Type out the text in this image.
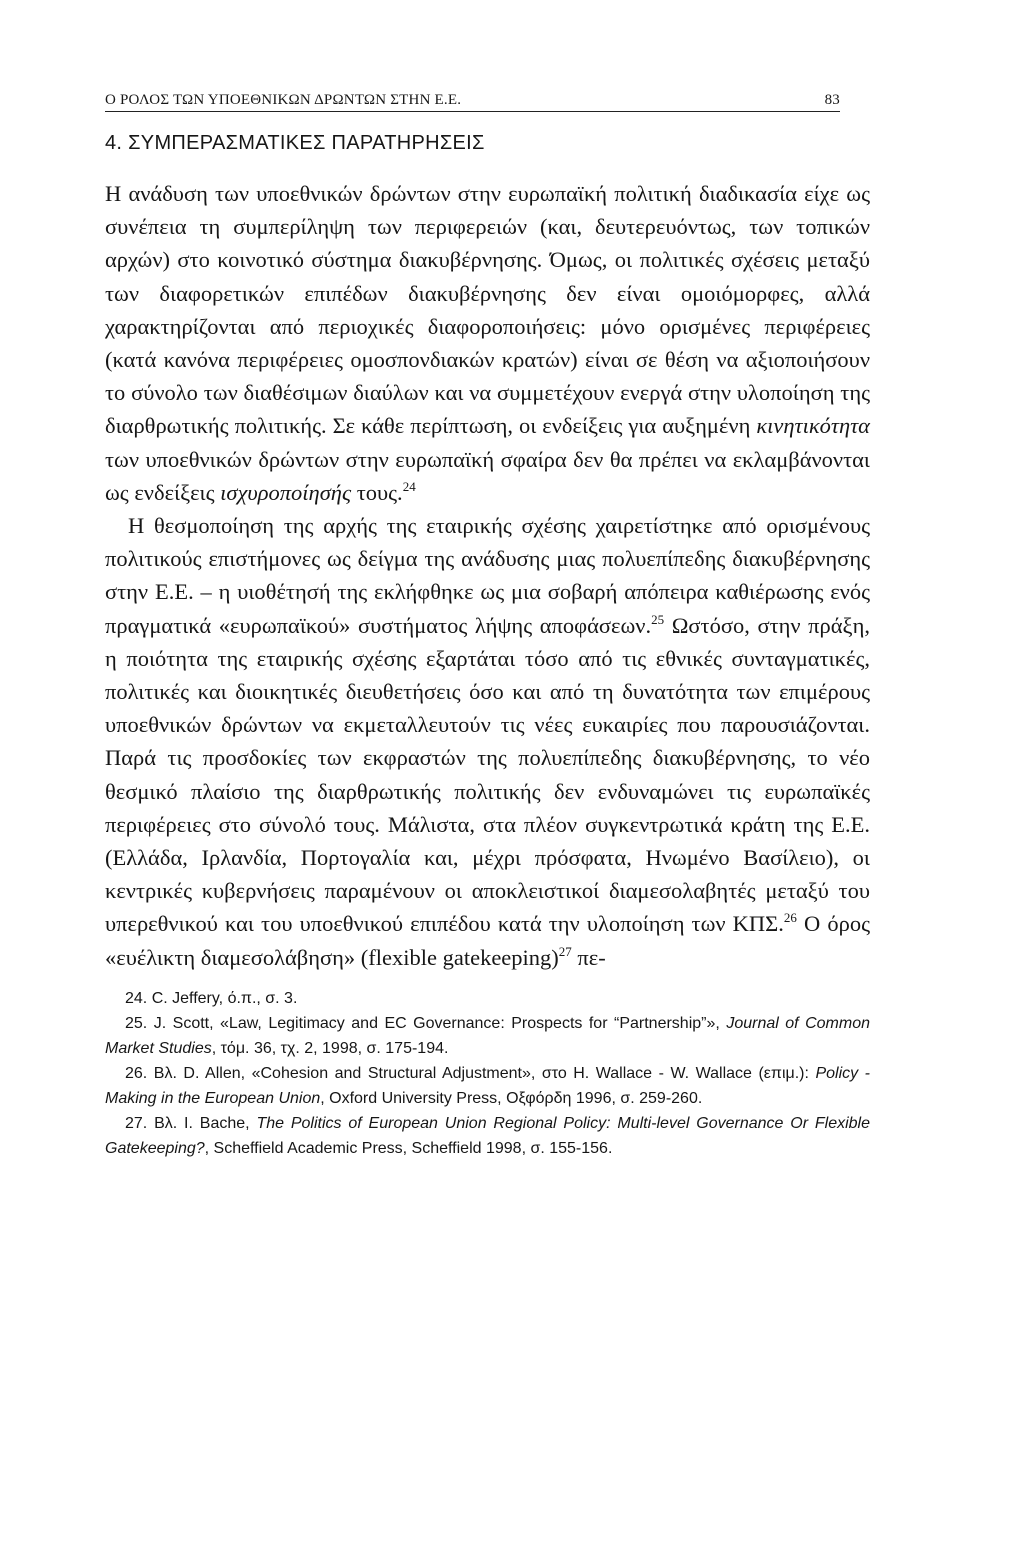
Ο ΡΟΛΟΣ ΤΩΝ ΥΠΟΕΘΝΙΚΩΝ ΔΡΩΝΤΩΝ ΣΤΗΝ Ε.Ε.	83
4. ΣΥΜΠΕΡΑΣΜΑΤΙΚΕΣ ΠΑΡΑΤΗΡΗΣΕΙΣ

Η ανάδυση των υποεθνικών δρώντων στην ευρωπαϊκή πολιτική διαδικασία είχε ως συνέπεια τη συμπερίληψη των περιφερειών (και, δευτερευόντως, των τοπικών αρχών) στο κοινοτικό σύστημα διακυβέρνησης. Όμως, οι πολιτικές σχέσεις μεταξύ των διαφορετικών επιπέδων διακυβέρνησης δεν είναι ομοιόμορφες, αλλά χαρακτηρίζονται από περιοχικές διαφοροποιήσεις: μόνο ορισμένες περιφέρειες (κατά κανόνα περιφέρειες ομοσπονδιακών κρατών) είναι σε θέση να αξιοποιήσουν το σύνολο των διαθέσιμων διαύλων και να συμμετέχουν ενεργά στην υλοποίηση της διαρθρωτικής πολιτικής. Σε κάθε περίπτωση, οι ενδείξεις για αυξημένη κινητικότητα των υποεθνικών δρώντων στην ευρωπαϊκή σφαίρα δεν θα πρέπει να εκλαμβάνονται ως ενδείξεις ισχυροποίησής τους.$^{24}$

Η θεσμοποίηση της αρχής της εταιρικής σχέσης χαιρετίστηκε από ορισμένους πολιτικούς επιστήμονες ως δείγμα της ανάδυσης μιας πολυεπίπεδης διακυβέρνησης στην Ε.Ε. – η υιοθέτησή της εκλήφθηκε ως μια σοβαρή απόπειρα καθιέρωσης ενός πραγματικά «ευρωπαϊκού» συστήματος λήψης αποφάσεων.$^{25}$ Ωστόσο, στην πράξη, η ποιότητα της εταιρικής σχέσης εξαρτάται τόσο από τις εθνικές συνταγματικές, πολιτικές και διοικητικές διευθετήσεις όσο και από τη δυνατότητα των επιμέρους υποεθνικών δρώντων να εκμεταλλευτούν τις νέες ευκαιρίες που παρουσιάζονται. Παρά τις προσδοκίες των εκφραστών της πολυεπίπεδης διακυβέρνησης, το νέο θεσμικό πλαίσιο της διαρθρωτικής πολιτικής δεν ενδυναμώνει τις ευρωπαϊκές περιφέρειες στο σύνολό τους. Μάλιστα, στα πλέον συγκεντρωτικά κράτη της Ε.Ε. (Ελλάδα, Ιρλανδία, Πορτογαλία και, μέχρι πρόσφατα, Ηνωμένο Βασίλειο), οι κεντρικές κυβερνήσεις παραμένουν οι αποκλειστικοί διαμεσολαβητές μεταξύ του υπερεθνικού και του υποεθνικού επιπέδου κατά την υλοποίηση των ΚΠΣ.$^{26}$ Ο όρος «ευέλικτη διαμεσολάβηση» (flexible gatekeeping)$^{27}$ πε-

24. C. Jeffery, ό.π., σ. 3.

25. J. Scott, «Law, Legitimacy and EC Governance: Prospects for “Partnership”», Journal of Common Market Studies, τόμ. 36, τχ. 2, 1998, σ. 175-194.

26. Βλ. D. Allen, «Cohesion and Structural Adjustment», στο H. Wallace - W. Wallace (επιμ.): Policy - Making in the European Union, Oxford University Press, Οξφόρδη 1996, σ. 259-260.

27. Βλ. I. Bache, The Politics of European Union Regional Policy: Multi-level Governance Or Flexible Gatekeeping?, Scheffield Academic Press, Scheffield 1998, σ. 155-156.
